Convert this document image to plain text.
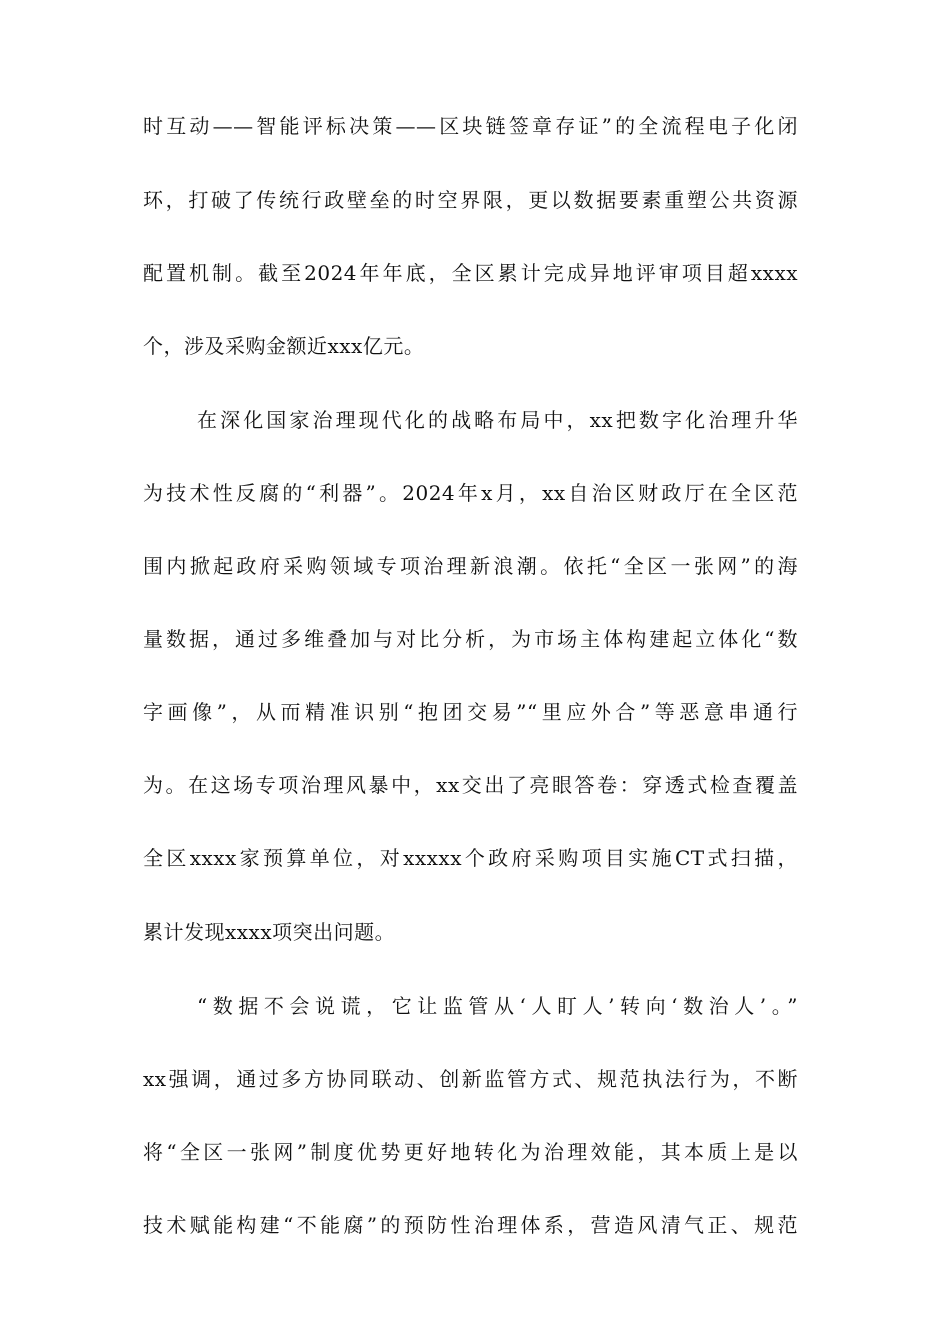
时互动——智能评标决策——区块链签章存证”的全流程电子化闭
环，打破了传统行政壁垒的时空界限，更以数据要素重塑公共资源
配置机制。截至2024年年底，全区累计完成异地评审项目超xxxx
个，涉及采购金额近xxx亿元。
在深化国家治理现代化的战略布局中，xx把数字化治理升华
为技术性反腐的“利器”。2024年x月，xx自治区财政厅在全区范
围内掀起政府采购领域专项治理新浪潮。依托“全区一张网”的海
量数据，通过多维叠加与对比分析，为市场主体构建起立体化“数
字画像”，从而精准识别“抱团交易”“里应外合”等恶意串通行
为。在这场专项治理风暴中，xx交出了亮眼答卷：穿透式检查覆盖
全区xxxx家预算单位，对xxxxx个政府采购项目实施CT式扫描，
累计发现xxxx项突出问题。
“数据不会说谎，它让监管从‘人盯人’转向‘数治人’。”
xx强调，通过多方协同联动、创新监管方式、规范执法行为，不断
将“全区一张网”制度优势更好地转化为治理效能，其本质上是以
技术赋能构建“不能腐”的预防性治理体系，营造风清气正、规范
